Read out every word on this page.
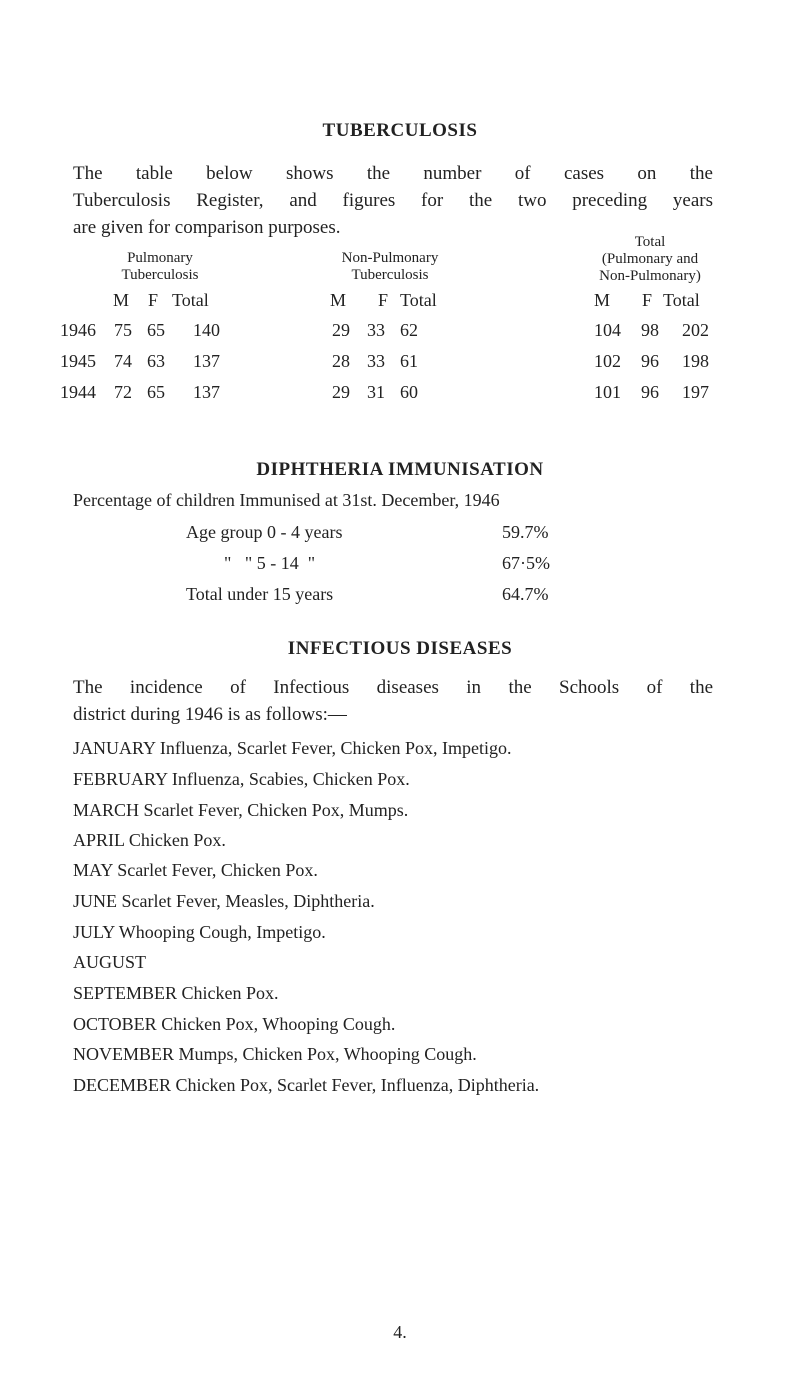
TUBERCULOSIS
The table below shows the number of cases on the
Tuberculosis Register, and figures for the two preceding years
are given for comparison purposes.
Pulmonary
Tuberculosis
Non-Pulmonary
Tuberculosis
Total
(Pulmonary and
Non-Pulmonary)
M F Total	M F Total	M F Total
1946 75 65	140	29 33 62	104 98	202
1945 74 63	137	28 33 61	102 96	198
1944 72 65	137	29 31 60	101 96	197
DIPHTHERIA IMMUNISATION
Percentage of children Immunised at 31st. December, 1946
Age group 0 - 4 years	59.7%
"   " 5 - 14  "	67·5%
Total under 15 years	64.7%
INFECTIOUS DISEASES
The incidence of Infectious diseases in the Schools of the
district during 1946 is as follows:—
JANUARY Influenza, Scarlet Fever, Chicken Pox, Impetigo.
FEBRUARY Influenza, Scabies, Chicken Pox.
MARCH Scarlet Fever, Chicken Pox, Mumps.
APRIL Chicken Pox.
MAY Scarlet Fever, Chicken Pox.
JUNE Scarlet Fever, Measles, Diphtheria.
JULY Whooping Cough, Impetigo.
AUGUST
SEPTEMBER Chicken Pox.
OCTOBER Chicken Pox, Whooping Cough.
NOVEMBER Mumps, Chicken Pox, Whooping Cough.
DECEMBER Chicken Pox, Scarlet Fever, Influenza, Diphtheria.
4.
